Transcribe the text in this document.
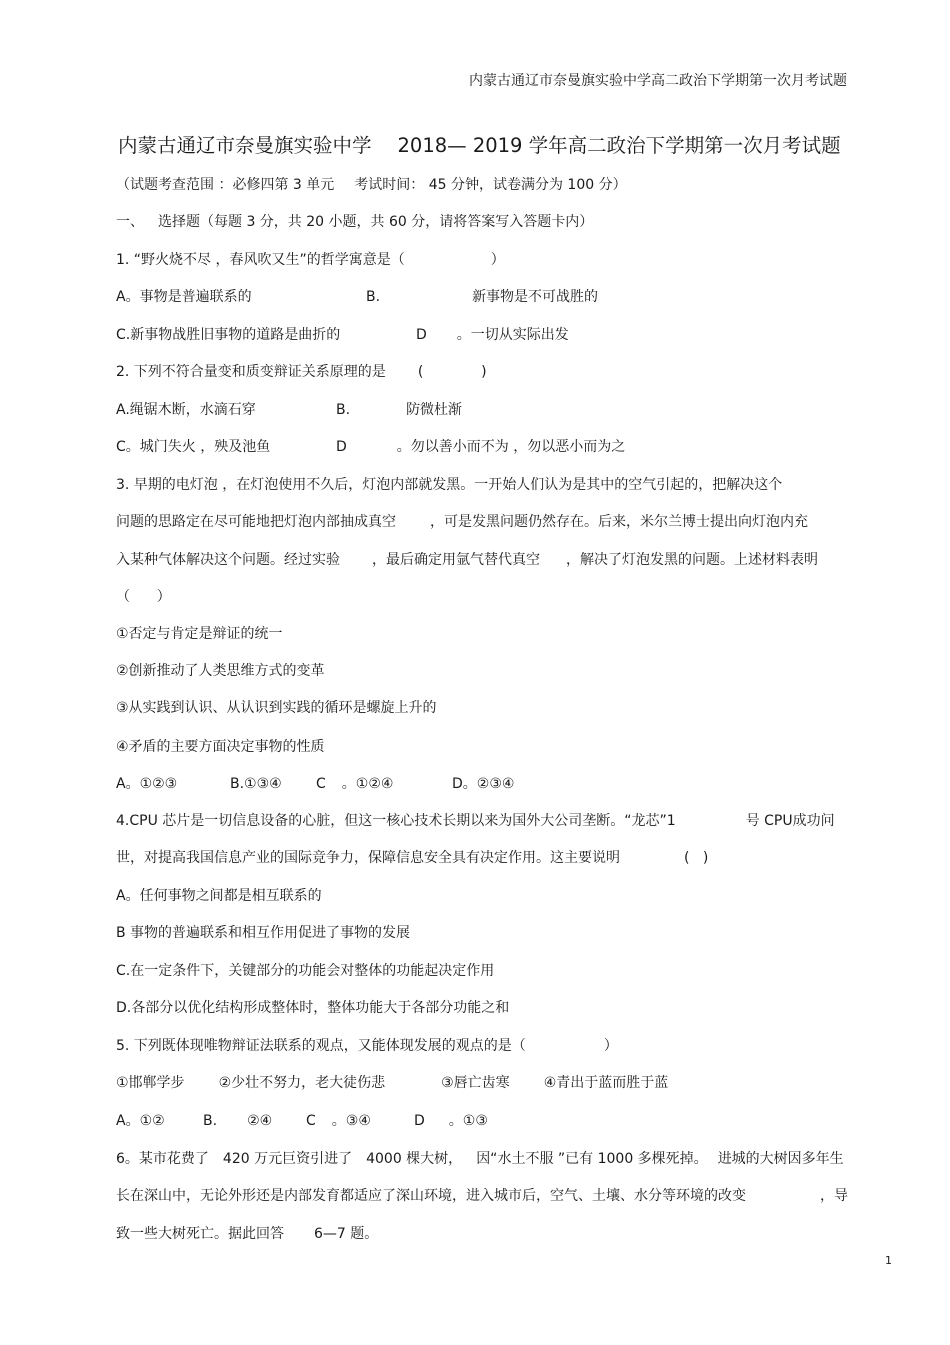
内蒙古通辽市奈曼旗实验中学高二政治下学期第一次月考试题
内蒙古通辽市奈曼旗实验中学 2018— 2019 学年高二政治下学期第一次月考试题
（试题考查范围 ：必修四第 3 单元 考试时间： 45 分钟，试卷满分为 100 分）
一、 选择题（每题 3 分，共 20 小题，共 60 分，请将答案写入答题卡内）
1. “野火烧不尽 ，春风吹又生”的哲学寓意是（	）
A。事物是普遍联系的	B.	新事物是不可战胜的
C.新事物战胜旧事物的道路是曲折的	D 。一切从实际出发
2. 下列不符合量变和质变辩证关系原理的是 (             )
A.绳锯木断，水滴石穿	B.	防微杜渐
C。城门失火 ，殃及池鱼	D	。勿以善小而不为 ，勿以恶小而为之
3. 早期的电灯泡 ，在灯泡使用不久后，灯泡内部就发黑。一开始人们认为是其中的空气引起的，把解决这个
问题的思路定在尽可能地把灯泡内部抽成真空 ，可是发黑问题仍然存在。后来，米尔兰博士提出向灯泡内充
入某种气体解决这个问题。经过实验 ，最后确定用氩气替代真空 ，解决了灯泡发黑的问题。上述材料表明
（      ）
①否定与肯定是辩证的统一
②创新推动了人类思维方式的变革
③从实践到认识、从认识到实践的循环是螺旋上升的
④矛盾的主要方面决定事物的性质
A。①②③	B.①③④ C 。①②④	D。②③④
4.CPU 芯片是一切信息设备的心脏，但这一核心技术长期以来为国外大公司垄断。“龙芯”1	号 CPU成功问
世，对提高我国信息产业的国际竞争力，保障信息安全具有决定作用。这主要说明	(   )
A。任何事物之间都是相互联系的
B 事物的普遍联系和相互作用促进了事物的发展
C.在一定条件下，关键部分的功能会对整体的功能起决定作用
D.各部分以优化结构形成整体时，整体功能大于各部分功能之和
5. 下列既体现唯物辩证法联系的观点，又能体现发展的观点的是（	）
①邯郸学步 ②少壮不努力，老大徒伤悲	③唇亡齿寒 ④青出于蓝而胜于蓝
A。①②	B. ②④ C 。③④	D 。①③
6。某市花费了 420 万元巨资引进了 4000 棵大树， 因“水土不服 ”已有 1000 多棵死掉。 进城的大树因多年生
长在深山中，无论外形还是内部发育都适应了深山环境，进入城市后，空气、土壤、水分等环境的改变	，导
致一些大树死亡。据此回答 6—7 题。
1
